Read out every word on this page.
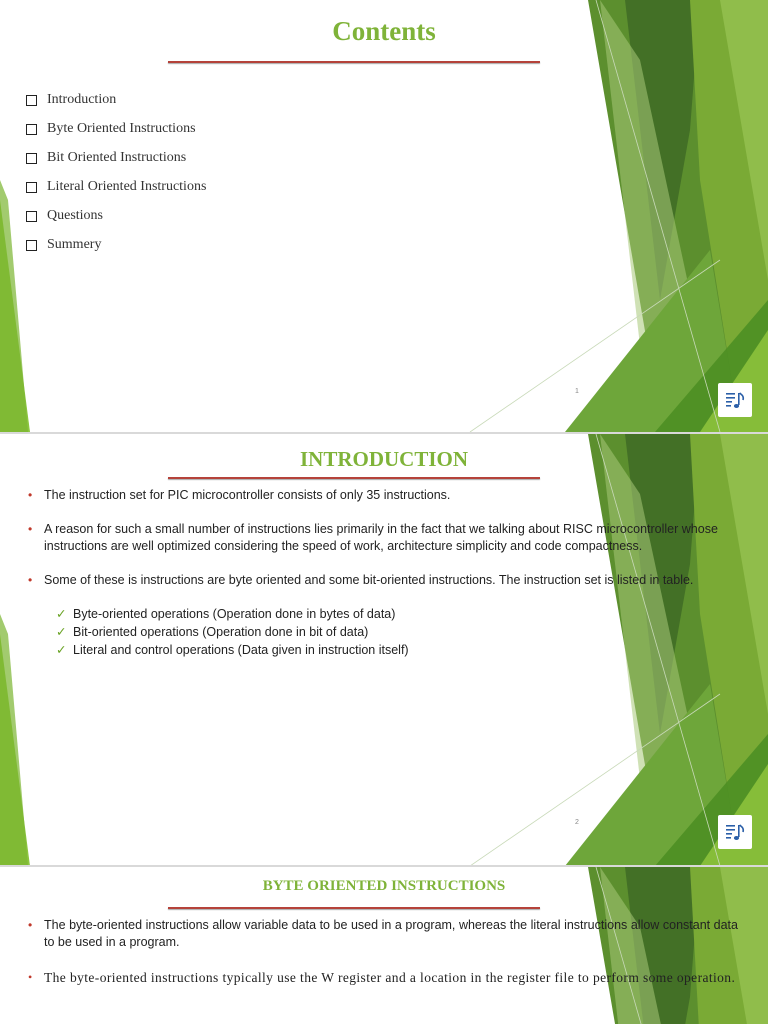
Contents
Introduction
Byte Oriented Instructions
Bit Oriented Instructions
Literal Oriented Instructions
Questions
Summery
1
INTRODUCTION
• The instruction set for PIC microcontroller consists of only 35 instructions.
• A reason for such a small number of instructions lies primarily in the fact that we talking about RISC microcontroller whose instructions are well optimized considering the speed of work, architecture simplicity and code compactness.
• Some of these is instructions are byte oriented and some bit-oriented instructions. The instruction set is listed in table.
✓ Byte-oriented operations (Operation done in bytes of data)
✓ Bit-oriented operations (Operation done in bit of data)
✓ Literal and control operations (Data given in instruction itself)
2
BYTE ORIENTED INSTRUCTIONS
• The byte-oriented instructions allow variable data to be used in a program, whereas the literal instructions allow constant data to be used in a program.
• The byte-oriented instructions typically use the W register and a location in the register file to perform some operation.
